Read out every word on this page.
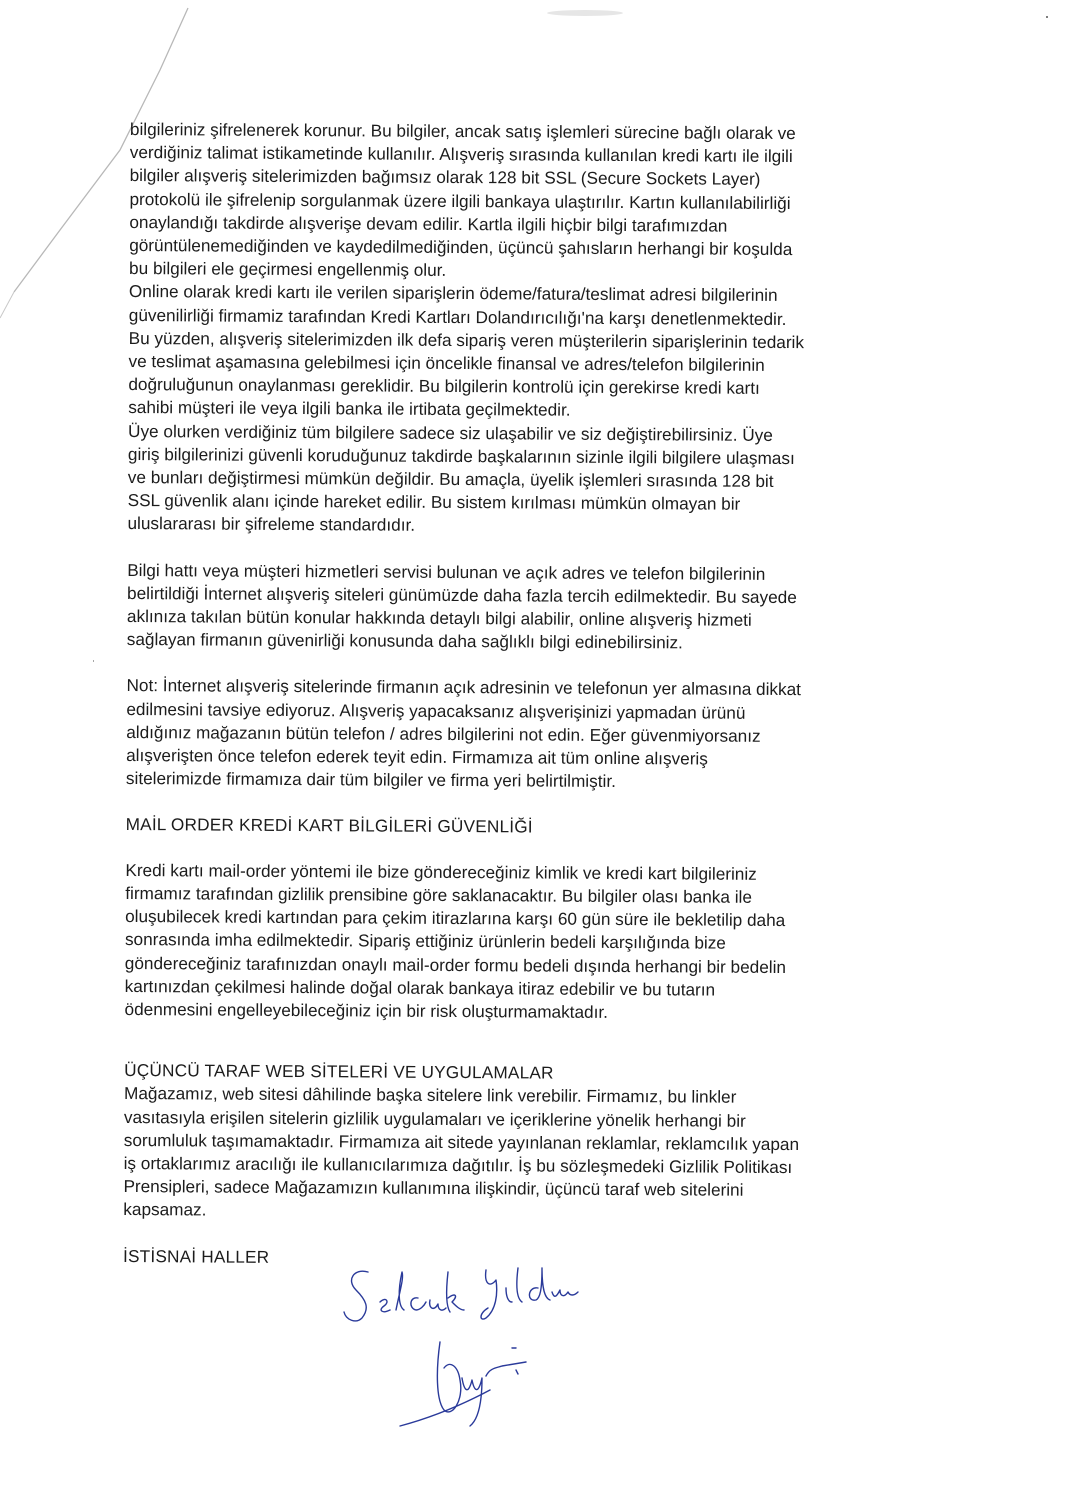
bilgileriniz şifrelenerek korunur. Bu bilgiler, ancak satış işlemleri sürecine bağlı olarak ve
verdiğiniz talimat istikametinde kullanılır. Alışveriş sırasında kullanılan kredi kartı ile ilgili
bilgiler alışveriş sitelerimizden bağımsız olarak 128 bit SSL (Secure Sockets Layer)
protokolü ile şifrelenip sorgulanmak üzere ilgili bankaya ulaştırılır. Kartın kullanılabilirliği
onaylandığı takdirde alışverişe devam edilir. Kartla ilgili hiçbir bilgi tarafımızdan
görüntülenemediğinden ve kaydedilmediğinden, üçüncü şahısların herhangi bir koşulda
bu bilgileri ele geçirmesi engellenmiş olur.

Online olarak kredi kartı ile verilen siparişlerin ödeme/fatura/teslimat adresi bilgilerinin
güvenilirliği firmamiz tarafından Kredi Kartları Dolandırıcılığı'na karşı denetlenmektedir.
Bu yüzden, alışveriş sitelerimizden ilk defa sipariş veren müşterilerin siparişlerinin tedarik
ve teslimat aşamasına gelebilmesi için öncelikle finansal ve adres/telefon bilgilerinin
doğruluğunun onaylanması gereklidir. Bu bilgilerin kontrolü için gerekirse kredi kartı
sahibi müşteri ile veya ilgili banka ile irtibata geçilmektedir.

Üye olurken verdiğiniz tüm bilgilere sadece siz ulaşabilir ve siz değiştirebilirsiniz. Üye
giriş bilgilerinizi güvenli koruduğunuz takdirde başkalarının sizinle ilgili bilgilere ulaşması
ve bunları değiştirmesi mümkün değildir. Bu amaçla, üyelik işlemleri sırasında 128 bit
SSL güvenlik alanı içinde hareket edilir. Bu sistem kırılması mümkün olmayan bir
uluslararası bir şifreleme standardıdır.

Bilgi hattı veya müşteri hizmetleri servisi bulunan ve açık adres ve telefon bilgilerinin
belirtildiği İnternet alışveriş siteleri günümüzde daha fazla tercih edilmektedir. Bu sayede
aklınıza takılan bütün konular hakkında detaylı bilgi alabilir, online alışveriş hizmeti
sağlayan firmanın güvenirliği konusunda daha sağlıklı bilgi edinebilirsiniz.

Not: İnternet alışveriş sitelerinde firmanın açık adresinin ve telefonun yer almasına dikkat
edilmesini tavsiye ediyoruz. Alışveriş yapacaksanız alışverişinizi yapmadan ürünü
aldığınız mağazanın bütün telefon / adres bilgilerini not edin. Eğer güvenmiyorsanız
alışverişten önce telefon ederek teyit edin. Firmamıza ait tüm online alışveriş
sitelerimizde firmamıza dair tüm bilgiler ve firma yeri belirtilmiştir.

MAİL ORDER KREDİ KART BİLGİLERİ GÜVENLİĞİ

Kredi kartı mail-order yöntemi ile bize göndereceğiniz kimlik ve kredi kart bilgileriniz
firmamız tarafından gizlilik prensibine göre saklanacaktır. Bu bilgiler olası banka ile
oluşubilecek kredi kartından para çekim itirazlarına karşı 60 gün süre ile bekletilip daha
sonrasında imha edilmektedir. Sipariş ettiğiniz ürünlerin bedeli karşılığında bize
göndereceğiniz tarafınızdan onaylı mail-order formu bedeli dışında herhangi bir bedelin
kartınızdan çekilmesi halinde doğal olarak bankaya itiraz edebilir ve bu tutarın
ödenmesini engelleyebileceğiniz için bir risk oluşturmamaktadır.

ÜÇÜNCÜ TARAF WEB SİTELERİ VE UYGULAMALAR

Mağazamız, web sitesi dâhilinde başka sitelere link verebilir. Firmamız, bu linkler
vasıtasıyla erişilen sitelerin gizlilik uygulamaları ve içeriklerine yönelik herhangi bir
sorumluluk taşımamaktadır. Firmamıza ait sitede yayınlanan reklamlar, reklamcılık yapan
iş ortaklarımız aracılığı ile kullanıcılarımıza dağıtılır. İş bu sözleşmedeki Gizlilik Politikası
Prensipleri, sadece Mağazamızın kullanımına ilişkindir, üçüncü taraf web sitelerini
kapsamaz.

İSTİSNAİ HALLER
